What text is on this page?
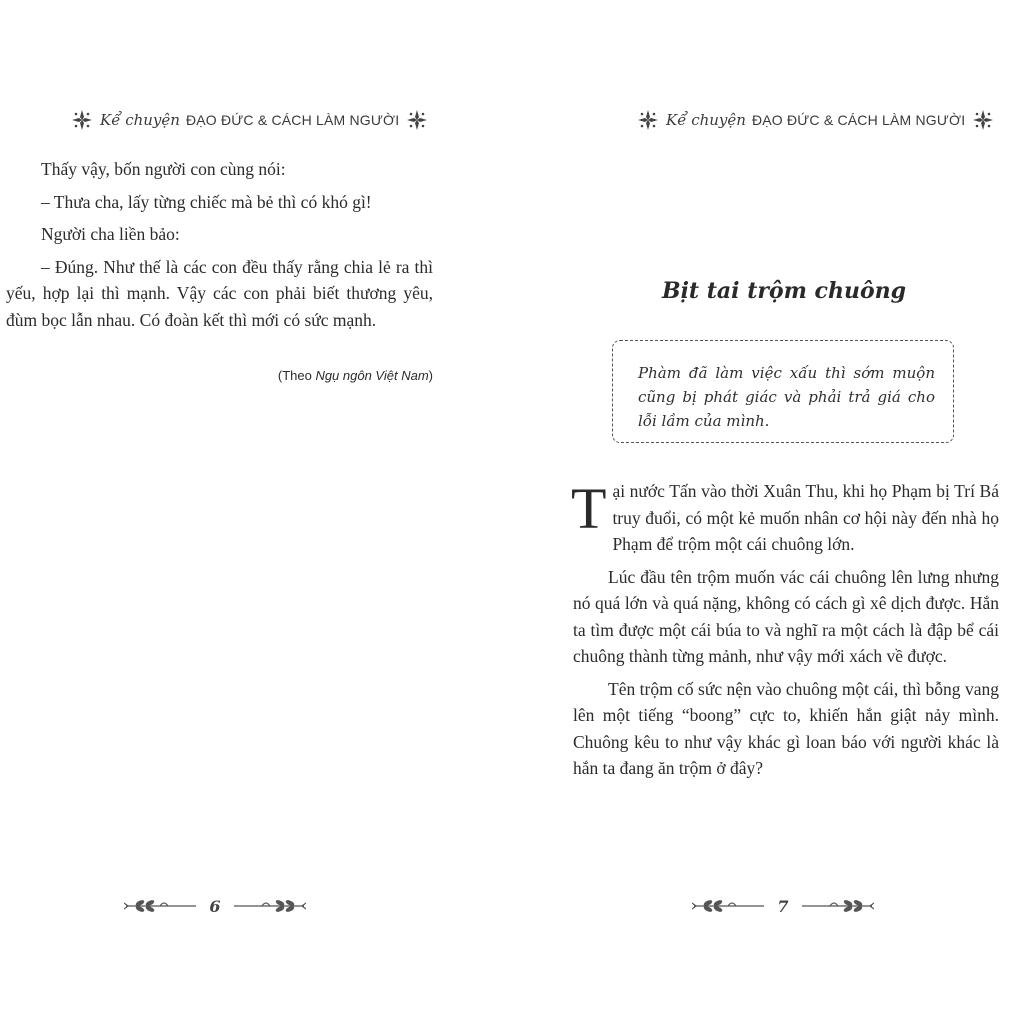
Kể chuyện ĐẠO ĐỨC & CÁCH LÀM NGƯỜI

Thấy vậy, bốn người con cùng nói:

– Thưa cha, lấy từng chiếc mà bẻ thì có khó gì!

Người cha liền bảo:

– Đúng. Như thế là các con đều thấy rằng chia lẻ ra thì yếu, hợp lại thì mạnh. Vậy các con phải biết thương yêu, đùm bọc lẫn nhau. Có đoàn kết thì mới có sức mạnh.

(Theo Ngụ ngôn Việt Nam)
6
Kể chuyện ĐẠO ĐỨC & CÁCH LÀM NGƯỜI
Bịt tai trộm chuông
Phàm đã làm việc xấu thì sớm muộn cũng bị phát giác và phải trả giá cho lỗi lầm của mình.

Tại nước Tấn vào thời Xuân Thu, khi họ Phạm bị Trí Bá truy đuổi, có một kẻ muốn nhân cơ hội này đến nhà họ Phạm để trộm một cái chuông lớn.

Lúc đầu tên trộm muốn vác cái chuông lên lưng nhưng nó quá lớn và quá nặng, không có cách gì xê dịch được. Hắn ta tìm được một cái búa to và nghĩ ra một cách là đập bể cái chuông thành từng mảnh, như vậy mới xách về được.

Tên trộm cố sức nện vào chuông một cái, thì bỗng vang lên một tiếng “boong” cực to, khiến hắn giật nảy mình. Chuông kêu to như vậy khác gì loan báo với người khác là hắn ta đang ăn trộm ở đây?

7
